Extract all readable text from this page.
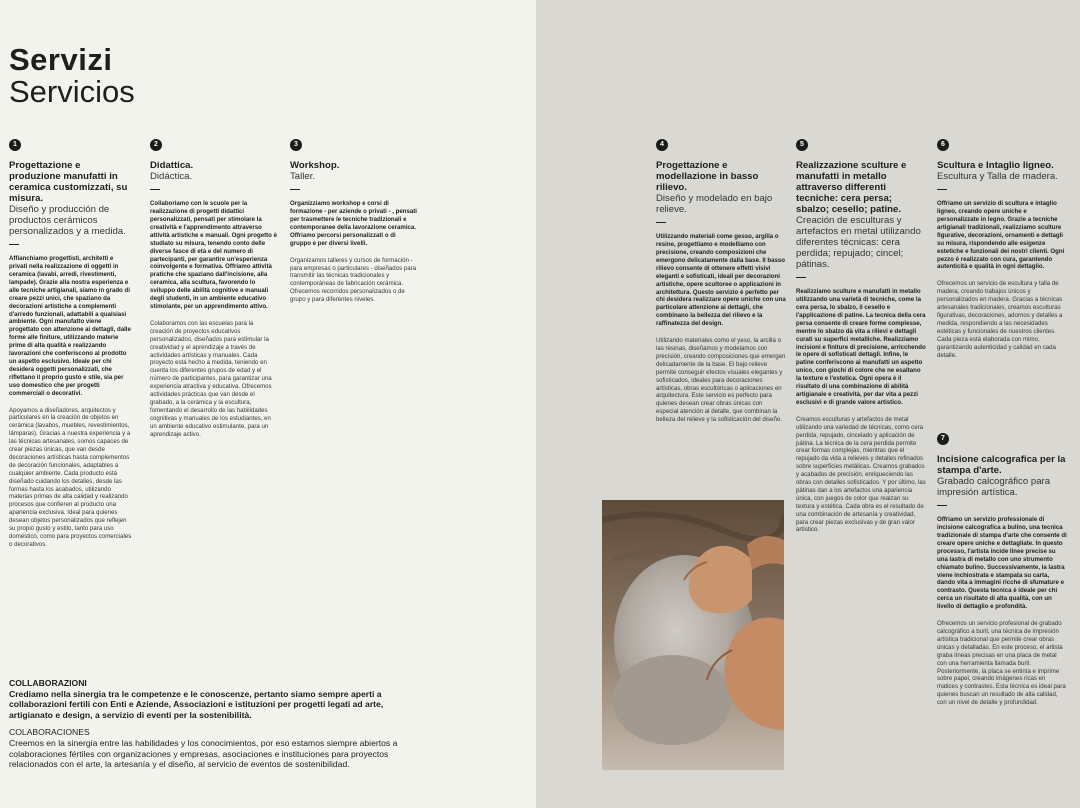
Servizi
Servicios
1
Progettazione e produzione manufatti in ceramica customizzati, su misura.
Diseño y producción de productos cerámicos personalizados y a medida.
Affianchiamo progettisti, architetti e privati nella realizzazione di oggetti in ceramica (lavabi, arredi, rivestimenti, lampade). Grazie alla nostra esperienza e alle tecniche artigianali, siamo in grado di creare pezzi unici, che spaziano da decorazioni artistiche a complementi d'arredo funzionali, adattabili a qualsiasi ambiente. Ogni manufatto viene progettato con attenzione ai dettagli, dalle forme alle finiture, utilizzando materie prime di alta qualità e realizzando lavorazioni che conferiscono al prodotto un aspetto esclusivo. Ideale per chi desidera oggetti personalizzati, che riflettano il proprio gusto e stile, sia per uso domestico che per progetti commerciali o decorativi.
Apoyamos a diseñadores, arquitectos y particulares en la creación de objetos en cerámica (lavabos, muebles, revestimientos, lámparas). Gracias a nuestra experiencia y a las técnicas artesanales, somos capaces de crear piezas únicas, que van desde decoraciones artísticas hasta complementos de decoración funcionales, adaptables a cualquier ambiente. Cada producto está diseñado cuidando los detalles, desde las formas hasta los acabados, utilizando materias primas de alta calidad y realizando procesos que confieren al producto una apariencia exclusiva. Ideal para quienes desean objetos personalizados que reflejen su propio gusto y estilo, tanto para uso doméstico, como para proyectos comerciales o decorativos.
2
Didattica.
Didáctica.
Collaboriamo con le scuole per la realizzazione di progetti didattici personalizzati, pensati per stimolare la creatività e l'apprendimento attraverso attività artistiche e manuali. Ogni progetto è studiato su misura, tenendo conto delle diverse fasce di età e del numero di partecipanti, per garantire un'esperienza coinvolgente e formativa. Offriamo attività pratiche che spaziano dall'incisione, alla ceramica, alla scultura, favorendo lo sviluppo delle abilità cognitive e manuali degli studenti, in un ambiente educativo stimolante, per un apprendimento attivo.
Colaboramos con las escuelas para la creación de proyectos educativos personalizados, diseñados para estimular la creatividad y el aprendizaje a través de actividades artísticas y manuales. Cada proyecto está hecho a medida, teniendo en cuenta los diferentes grupos de edad y el número de participantes, para garantizar una experiencia atractiva y educativa. Ofrecemos actividades prácticas que van desde el grabado, a la cerámica y la escultura, fomentando el desarrollo de las habilidades cognitivas y manuales de los estudiantes, en un ambiente educativo estimulante, para un aprendizaje activo.
3
Workshop.
Taller.
Organizziamo workshop e corsi di formazione - per aziende o privati - , pensati per trasmettere le tecniche tradizionali e contemporanee della lavorazione ceramica. Offriamo percorsi personalizzati o di gruppo e per diversi livelli.
Organizamos talleres y cursos de formación - para empresas o particulares - diseñados para transmitir las técnicas tradicionales y contemporáneas de fabricación cerámica. Ofrecemos recorridos personalizados o de grupo y para diferentes niveles.
4
Progettazione e modellazione in basso rilievo.
Diseño y modelado en bajo relieve.
Utilizzando materiali come gesso, argilla o resine, progettiamo e modelliamo con precisione, creando composizioni che emergono delicatamente dalla base. Il basso rilievo consente di ottenere effetti visivi eleganti e sofisticati, ideali per decorazioni artistiche, opere scultoree o applicazioni in architettura. Questo servizio è perfetto per chi desidera realizzare opere uniche con una particolare attenzione ai dettagli, che combinano la bellezza del rilievo e la raffinatezza del design.
Utilizando materiales como el yeso, la arcilla o las resinas, diseñamos y modelamos con precisión, creando composiciones que emergen delicadamente de la base. El bajo relieve permite conseguir efectos visuales elegantes y sofisticados, ideales para decoraciones artísticas, obras escultóricas o aplicaciones en arquitectura. Este servicio es perfecto para quienes desean crear obras únicas con especial atención al detalle, que combinan la belleza del relieve y la sofisticación del diseño.
5
Realizzazione sculture e manufatti in metallo attraverso differenti tecniche: cera persa; sbalzo; cesello; patine.
Creación de esculturas y artefactos en metal utilizando diferentes técnicas: cera perdida; repujado; cincel; pátinas.
Realizziamo sculture e manufatti in metallo utilizzando una varietà di tecniche, come la cera persa, lo sbalzo, il cesello e l'applicazione di patine. La tecnica della cera persa consente di creare forme complesse, mentre lo sbalzo dà vita a rilievi e dettagli curati su superfici metalliche. Realizziamo incisioni e finiture di precisione, arricchendo le opere di sofisticati dettagli. Infine, le patine conferiscono ai manufatti un aspetto unico, con giochi di colore che ne esaltano la texture e l'estetica. Ogni opera è il risultato di una combinazione di abilità artigianale e creatività, per dar vita a pezzi esclusivi e di grande valore artistico.
Creamos esculturas y artefactos de metal utilizando una variedad de técnicas, como cera perdida, repujado, cincelado y aplicación de pátina. La técnica de la cera perdida permite crear formas complejas, mientras que el repujado da vida a relieves y detalles refinados sobre superficies metálicas. Creamos grabados y acabados de precisión, enriqueciendo las obras con detalles sofisticados. Y por último, las pátinas dan a los artefactos una apariencia única, con juegos de color que realzan su textura y estética. Cada obra es el resultado de una combinación de artesanía y creatividad, para crear piezas exclusivas y de gran valor artístico.
6
Scultura e Intaglio ligneo.
Escultura y Talla de madera.
Offriamo un servizio di scultura e intaglio ligneo, creando opere uniche e personalizzate in legno. Grazie a tecniche artigianali tradizionali, realizziamo sculture figurative, decorazioni, ornamenti e dettagli su misura, rispondendo alle esigenze estetiche e funzionali dei nostri clienti. Ogni pezzo è realizzato con cura, garantendo autenticità e qualità in ogni dettaglio.
Ofrecemos un servicio de escultura y talla de madera, creando trabajos únicos y personalizados en madera. Gracias a técnicas artesanales tradicionales, creamos esculturas figurativas, decoraciones, adornos y detalles a medida, respondiendo a las necesidades estéticas y funcionales de nuestros clientes. Cada pieza está elaborada con mimo, garantizando autenticidad y calidad en cada detalle.
7
Incisione calcografica per la stampa d'arte.
Grabado calcográfico para impresión artística.
Offriamo un servizio professionale di incisione calcografica a bulino, una tecnica tradizionale di stampa d'arte che consente di creare opere uniche e dettagliate. In questo processo, l'artista incide linee precise su una lastra di metallo con uno strumento chiamato bulino. Successivamente, la lastra viene inchiostrata e stampata su carta, dando vita a immagini ricche di sfumature e contrasto. Questa tecnica è ideale per chi cerca un risultato di alta qualità, con un livello di dettaglio e profondità.
Ofrecemos un servicio profesional de grabado calcográfico a buril, una técnica de impresión artística tradicional que permite crear obras únicas y detalladas. En este proceso, el artista graba líneas precisas en una placa de metal con una herramienta llamada buril. Posteriormente, la placa se entinta e imprime sobre papel, creando imágenes ricas en matices y contrastes. Esta técnica es ideal para quienes buscan un resultado de alta calidad, con un nivel de detalle y profundidad.
COLLABORAZIONI
Crediamo nella sinergia tra le competenze e le conoscenze, pertanto siamo sempre aperti a collaborazioni fertili con Enti e Aziende, Associazioni e istituzioni per progetti legati ad arte, artigianato e design, a servizio di eventi per la sostenibilità.
COLABORACIONES
Creemos en la sinergia entre las habilidades y los conocimientos, por eso estamos siempre abiertos a colaboraciones fértiles con organizaciones y empresas, asociaciones e instituciones para proyectos relacionados con el arte, la artesanía y el diseño, al servicio de eventos de sostenibilidad.
